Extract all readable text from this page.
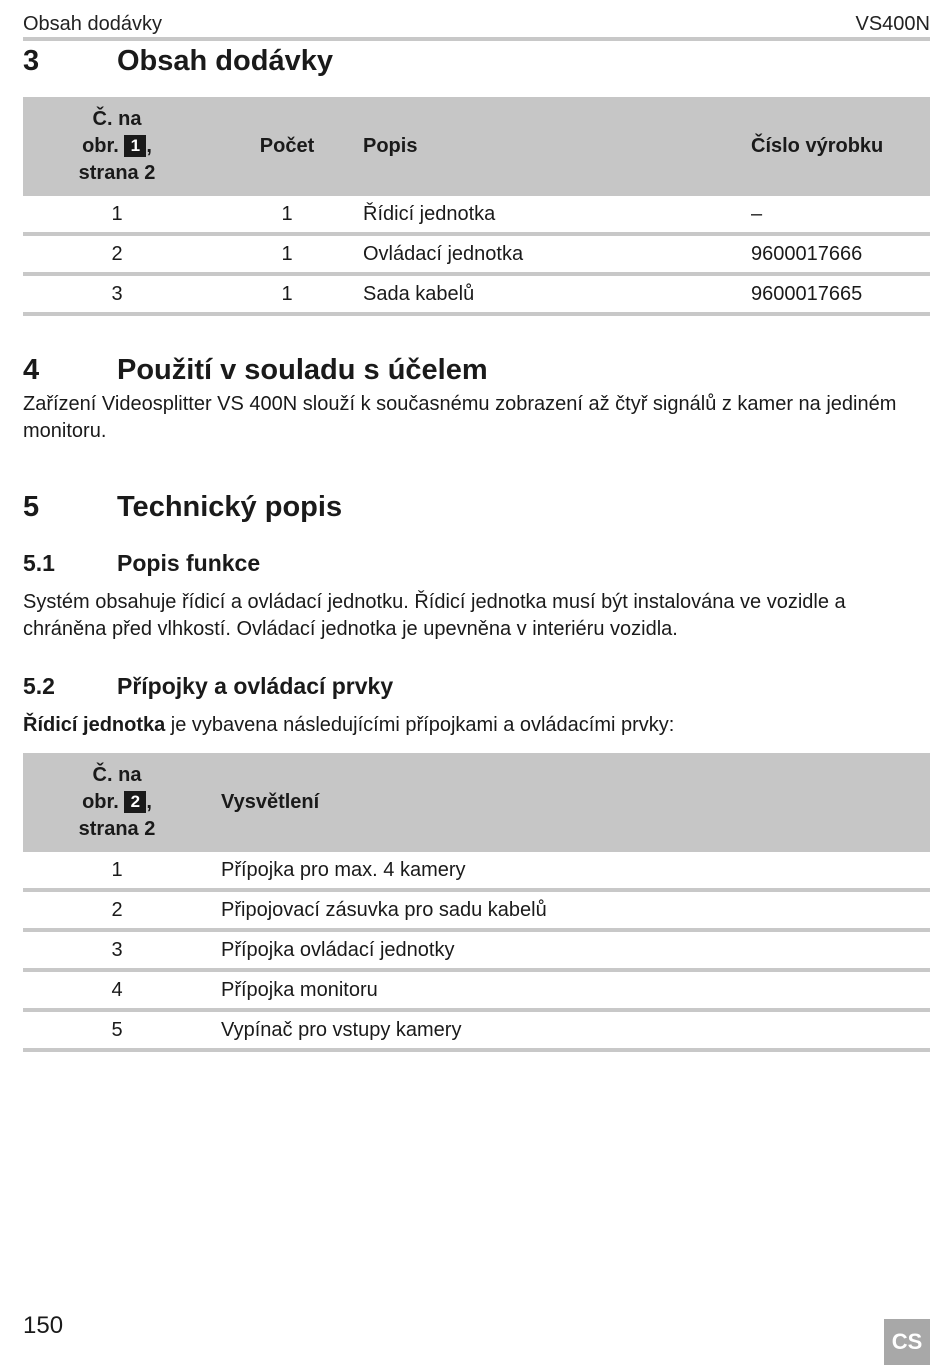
Obsah dodávky	VS400N
3	Obsah dodávky
Č. na
obr. 1 ,
strana 2	Počet	Popis	Číslo výrobku
1	1	Řídicí jednotka	–
2	1	Ovládací jednotka	9600017666
3	1	Sada kabelů	9600017665
4	Použití v souladu s účelem

Zařízení Videosplitter VS 400N slouží k současnému zobrazení až čtyř signálů z kamer na jediném monitoru.

5	Technický popis
5.1	Popis funkce

Systém obsahuje řídicí a ovládací jednotku. Řídicí jednotka musí být instalována ve vozidle a chráněna před vlhkostí. Ovládací jednotka je upevněna v interiéru vozidla.

5.2	Přípojky a ovládací prvky

Řídicí jednotka je vybavena následujícími přípojkami a ovládacími prvky:

Č. na
obr. 2 ,
strana 2	Vysvětlení

1	Přípojka pro max. 4 kamery

2	Připojovací zásuvka pro sadu kabelů

3	Přípojka ovládací jednotky

4	Přípojka monitoru

5	Vypínač pro vstupy kamery
150
CS
